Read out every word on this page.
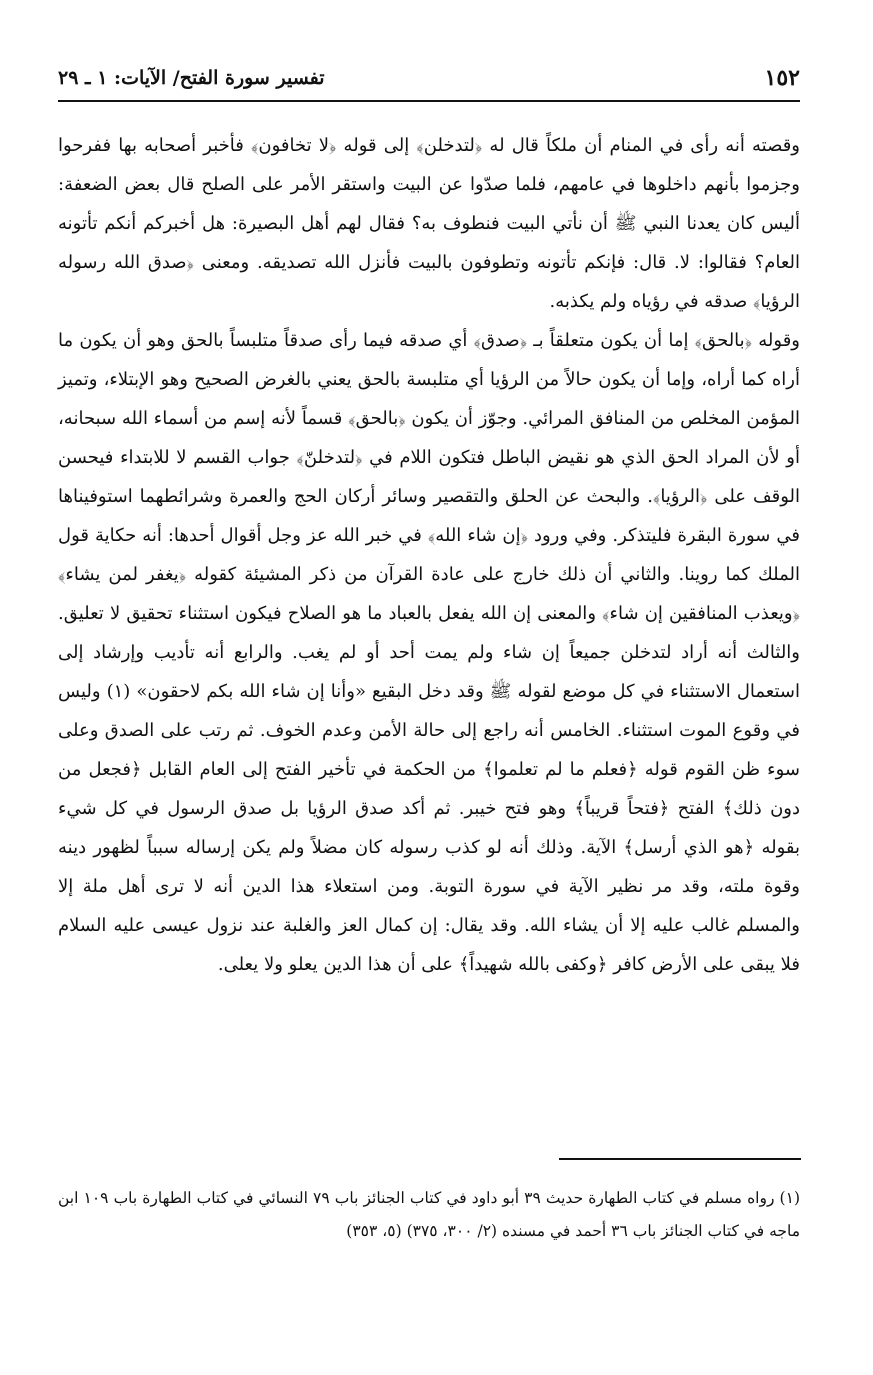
١٥٢
تفسير سورة الفتح/ الآيات: ١ ـ ٢٩

وقصته أنه رأى في المنام أن ملكاً قال له ﴿لتدخلن﴾ إلى قوله ﴿لا تخافون﴾ فأخبر أصحابه بها ففرحوا وجزموا بأنهم داخلوها في عامهم، فلما صدّوا عن البيت واستقر الأمر على الصلح قال بعض الضعفة: أليس كان يعدنا النبي ﷺ أن نأتي البيت فنطوف به؟ فقال لهم أهل البصيرة: هل أخبركم أنكم تأتونه العام؟ فقالوا: لا. قال: فإنكم تأتونه وتطوفون بالبيت فأنزل الله تصديقه. ومعنى ﴿صدق الله رسوله الرؤيا﴾ صدقه في رؤياه ولم يكذبه.

وقوله ﴿بالحق﴾ إما أن يكون متعلقاً بـ ﴿صدق﴾ أي صدقه فيما رأى صدقاً متلبساً بالحق وهو أن يكون ما أراه كما أراه، وإما أن يكون حالاً من الرؤيا أي متلبسة بالحق يعني بالغرض الصحيح وهو الإبتلاء، وتميز المؤمن المخلص من المنافق المرائي. وجوّز أن يكون ﴿بالحق﴾ قسماً لأنه إسم من أسماء الله سبحانه، أو لأن المراد الحق الذي هو نقيض الباطل فتكون اللام في ﴿لتدخلنّ﴾ جواب القسم لا للابتداء فيحسن الوقف على ﴿الرؤيا﴾. والبحث عن الحلق والتقصير وسائر أركان الحج والعمرة وشرائطهما استوفيناها في سورة البقرة فليتذكر. وفي ورود ﴿إن شاء الله﴾ في خبر الله عز وجل أقوال أحدها: أنه حكاية قول الملك كما روينا. والثاني أن ذلك خارج على عادة القرآن من ذكر المشيئة كقوله ﴿يغفر لمن يشاء﴾ ﴿ويعذب المنافقين إن شاء﴾ والمعنى إن الله يفعل بالعباد ما هو الصلاح فيكون استثناء تحقيق لا تعليق. والثالث أنه أراد لتدخلن جميعاً إن شاء ولم يمت أحد أو لم يغب. والرابع أنه تأديب وإرشاد إلى استعمال الاستثناء في كل موضع لقوله ﷺ وقد دخل البقيع «وأنا إن شاء الله بكم لاحقون» (١) وليس في وقوع الموت استثناء. الخامس أنه راجع إلى حالة الأمن وعدم الخوف. ثم رتب على الصدق وعلى سوء ظن القوم قوله ﴿فعلم ما لم تعلموا﴾ من الحكمة في تأخير الفتح إلى العام القابل ﴿فجعل من دون ذلك﴾ الفتح ﴿فتحاً قريباً﴾ وهو فتح خيبر. ثم أكد صدق الرؤيا بل صدق الرسول في كل شيء بقوله ﴿هو الذي أرسل﴾ الآية. وذلك أنه لو كذب رسوله كان مضلاً ولم يكن إرساله سبباً لظهور دينه وقوة ملته، وقد مر نظير الآية في سورة التوبة. ومن استعلاء هذا الدين أنه لا ترى أهل ملة إلا والمسلم غالب عليه إلا أن يشاء الله. وقد يقال: إن كمال العز والغلبة عند نزول عيسى عليه السلام فلا يبقى على الأرض كافر ﴿وكفى بالله شهيداً﴾ على أن هذا الدين يعلو ولا يعلى.

(١) رواه مسلم في كتاب الطهارة حديث ٣٩ أبو داود في كتاب الجنائز باب ٧٩ النسائي في كتاب الطهارة باب ١٠٩ ابن ماجه في كتاب الجنائز باب ٣٦ أحمد في مسنده (٢/ ٣٠٠، ٣٧٥) (٥، ٣٥٣)
